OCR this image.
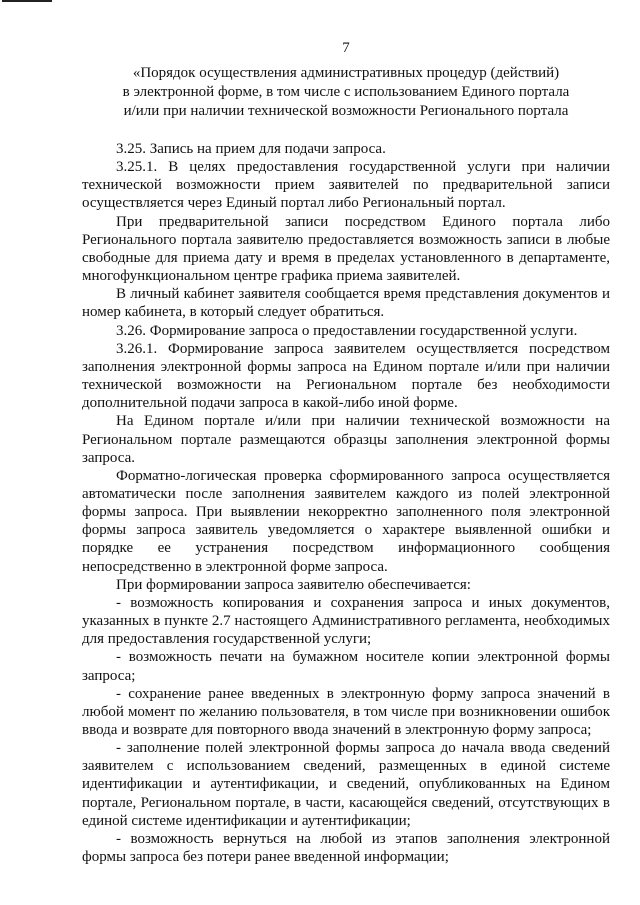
7
«Порядок осуществления административных процедур (действий)
в электронной форме, в том числе с использованием Единого портала
и/или при наличии технической возможности Регионального портала

3.25. Запись на прием для подачи запроса.

3.25.1. В целях предоставления государственной услуги при наличии технической возможности прием заявителей по предварительной записи осуществляется через Единый портал либо Региональный портал.

При предварительной записи посредством Единого портала либо Регионального портала заявителю предоставляется возможность записи в любые свободные для приема дату и время в пределах установленного в департаменте, многофункциональном центре графика приема заявителей.

В личный кабинет заявителя сообщается время представления документов и номер кабинета, в который следует обратиться.

3.26. Формирование запроса о предоставлении государственной услуги.

3.26.1. Формирование запроса заявителем осуществляется посредством заполнения электронной формы запроса на Едином портале и/или при наличии технической возможности на Региональном портале без необходимости дополнительной подачи запроса в какой-либо иной форме.

На Едином портале и/или при наличии технической возможности на Региональном портале размещаются образцы заполнения электронной формы запроса.

Форматно-логическая проверка сформированного запроса осуществляется автоматически после заполнения заявителем каждого из полей электронной формы запроса. При выявлении некорректно заполненного поля электронной формы запроса заявитель уведомляется о характере выявленной ошибки и порядке ее устранения посредством информационного сообщения непосредственно в электронной форме запроса.

При формировании запроса заявителю обеспечивается:

- возможность копирования и сохранения запроса и иных документов, указанных в пункте 2.7 настоящего Административного регламента, необходимых для предоставления государственной услуги;

- возможность печати на бумажном носителе копии электронной формы запроса;

- сохранение ранее введенных в электронную форму запроса значений в любой момент по желанию пользователя, в том числе при возникновении ошибок ввода и возврате для повторного ввода значений в электронную форму запроса;

- заполнение полей электронной формы запроса до начала ввода сведений заявителем с использованием сведений, размещенных в единой системе идентификации и аутентификации, и сведений, опубликованных на Едином портале, Региональном портале, в части, касающейся сведений, отсутствующих в единой системе идентификации и аутентификации;

- возможность вернуться на любой из этапов заполнения электронной формы запроса без потери ранее введенной информации;
